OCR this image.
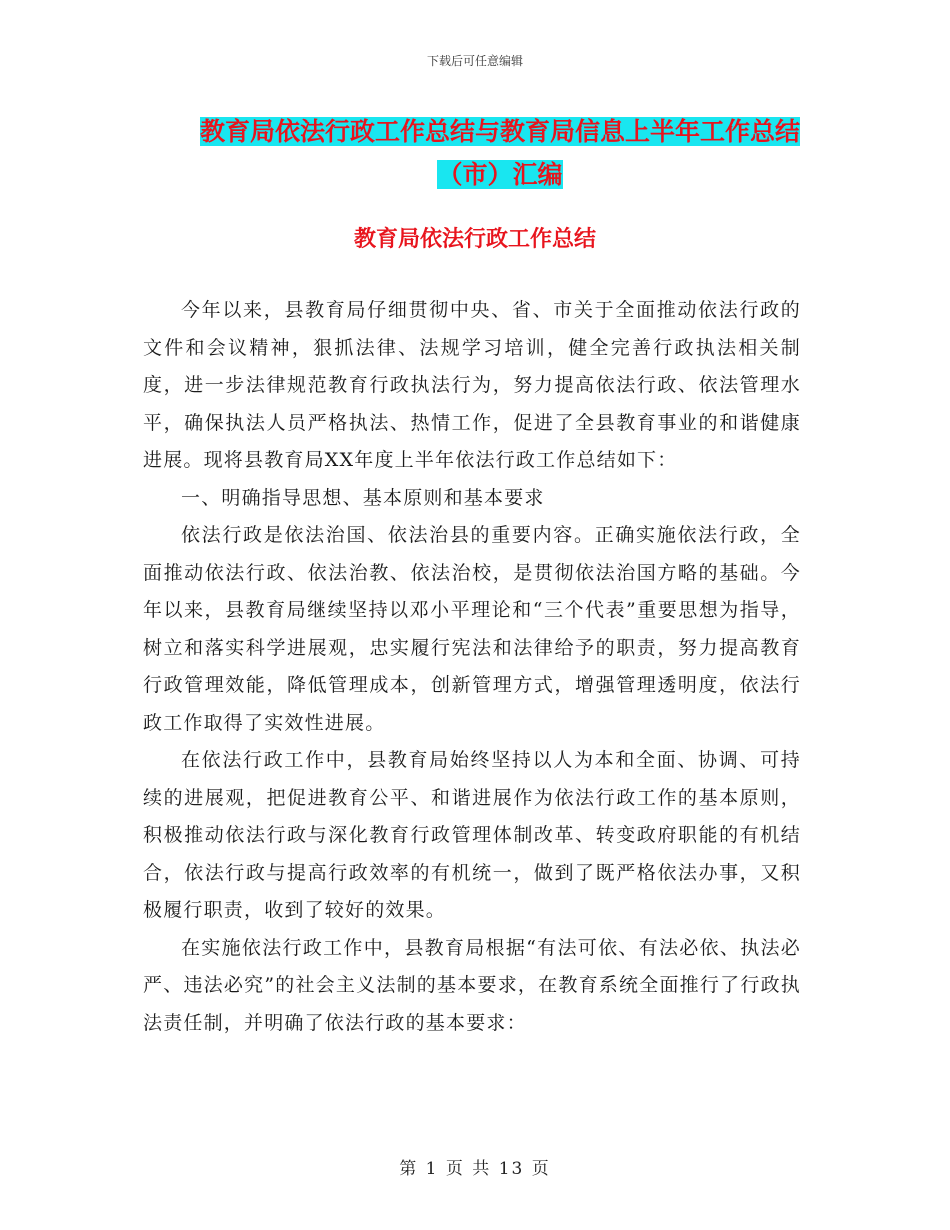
下载后可任意编辑
教育局依法行政工作总结与教育局信息上半年工作总结（市）汇编
教育局依法行政工作总结

今年以来，县教育局仔细贯彻中央、省、市关于全面推动依法行政的文件和会议精神，狠抓法律、法规学习培训，健全完善行政执法相关制度，进一步法律规范教育行政执法行为，努力提高依法行政、依法管理水平，确保执法人员严格执法、热情工作，促进了全县教育事业的和谐健康进展。现将县教育局XX年度上半年依法行政工作总结如下：

一、明确指导思想、基本原则和基本要求

依法行政是依法治国、依法治县的重要内容。正确实施依法行政，全面推动依法行政、依法治教、依法治校，是贯彻依法治国方略的基础。今年以来，县教育局继续坚持以邓小平理论和“三个代表”重要思想为指导，树立和落实科学进展观，忠实履行宪法和法律给予的职责，努力提高教育行政管理效能，降低管理成本，创新管理方式，增强管理透明度，依法行政工作取得了实效性进展。

在依法行政工作中，县教育局始终坚持以人为本和全面、协调、可持续的进展观，把促进教育公平、和谐进展作为依法行政工作的基本原则，积极推动依法行政与深化教育行政管理体制改革、转变政府职能的有机结合，依法行政与提高行政效率的有机统一，做到了既严格依法办事，又积极履行职责，收到了较好的效果。

在实施依法行政工作中，县教育局根据“有法可依、有法必依、执法必严、违法必究”的社会主义法制的基本要求，在教育系统全面推行了行政执法责任制，并明确了依法行政的基本要求：

第 1 页 共 13 页
